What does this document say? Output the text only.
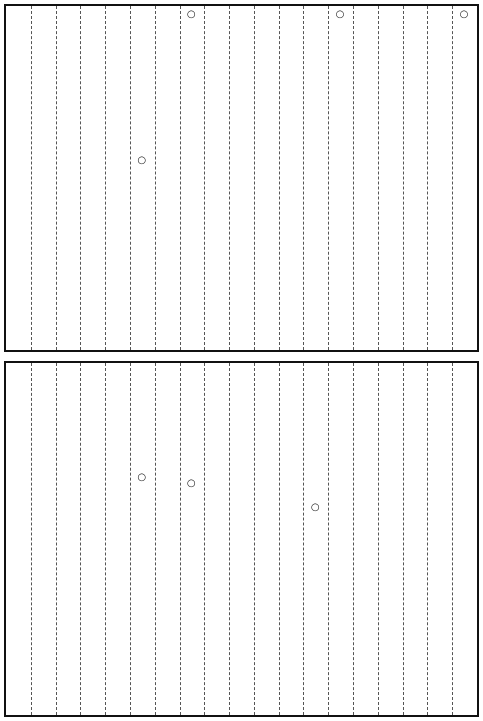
○
○
○
○
○
○
○
